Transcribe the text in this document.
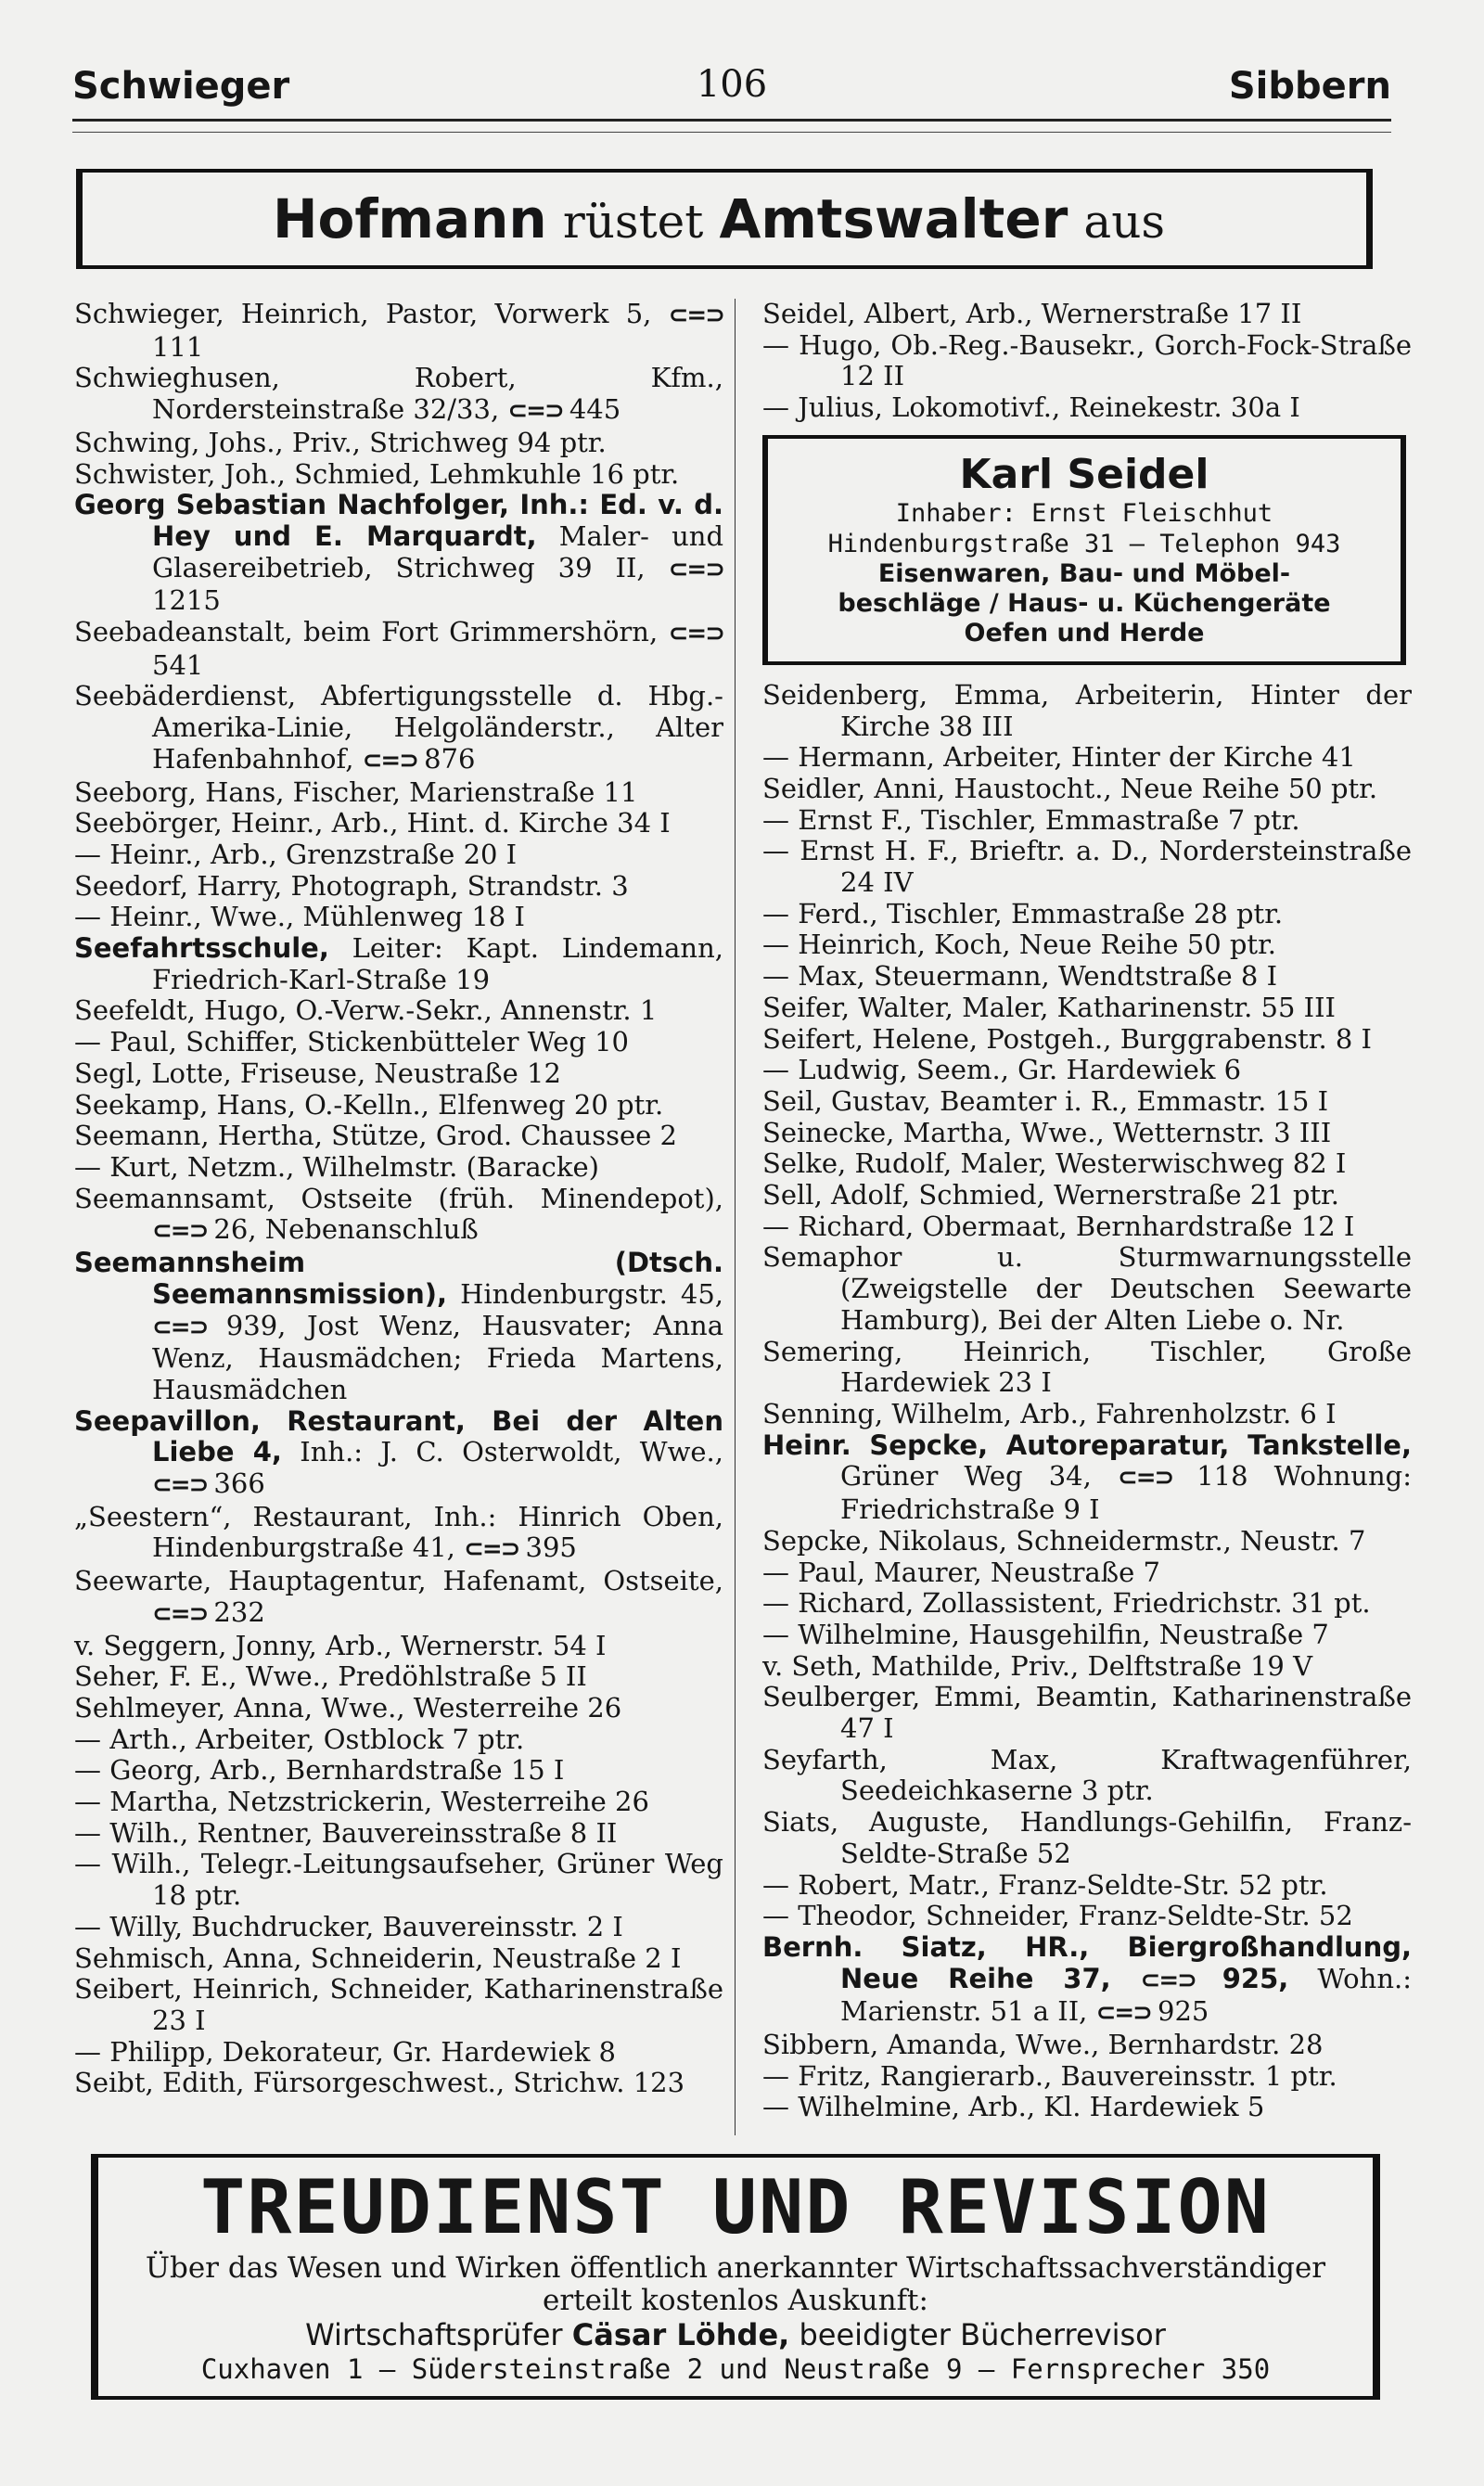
Schwieger	106	Sibbern
Hofmann rüstet Amtswalter aus
Schwieger, Heinrich, Pastor, Vorwerk 5, ⊂=⊃ 111
Schwieghusen, Robert, Kfm., Nordersteinstraße 32/33, ⊂=⊃ 445
Schwing, Johs., Priv., Strichweg 94 ptr.
Schwister, Joh., Schmied, Lehmkuhle 16 ptr.
Georg Sebastian Nachfolger, Inh.: Ed. v. d. Hey und E. Marquardt, Maler- und Glasereibetrieb, Strichweg 39 II, ⊂=⊃ 1215
Seebadeanstalt, beim Fort Grimmershörn, ⊂=⊃ 541
Seebäderdienst, Abfertigungsstelle d. Hbg.-Amerika-Linie, Helgoländerstr., Alter Hafenbahnhof, ⊂=⊃ 876
Seeborg, Hans, Fischer, Marienstraße 11
Seebörger, Heinr., Arb., Hint. d. Kirche 34 I
— Heinr., Arb., Grenzstraße 20 I
Seedorf, Harry, Photograph, Strandstr. 3
— Heinr., Wwe., Mühlenweg 18 I
Seefahrtsschule, Leiter: Kapt. Lindemann, Friedrich-Karl-Straße 19
Seefeldt, Hugo, O.-Verw.-Sekr., Annenstr. 1
— Paul, Schiffer, Stickenbütteler Weg 10
Segl, Lotte, Friseuse, Neustraße 12
Seekamp, Hans, O.-Kelln., Elfenweg 20 ptr.
Seemann, Hertha, Stütze, Grod. Chaussee 2
— Kurt, Netzm., Wilhelmstr. (Baracke)
Seemannsamt, Ostseite (früh. Minendepot), ⊂=⊃ 26, Nebenanschluß
Seemannsheim (Dtsch. Seemannsmission), Hindenburgstr. 45, ⊂=⊃ 939, Jost Wenz, Hausvater; Anna Wenz, Hausmädchen; Frieda Martens, Hausmädchen
Seepavillon, Restaurant, Bei der Alten Liebe 4, Inh.: J. C. Osterwoldt, Wwe., ⊂=⊃ 366
„Seestern“, Restaurant, Inh.: Hinrich Oben, Hindenburgstraße 41, ⊂=⊃ 395
Seewarte, Hauptagentur, Hafenamt, Ostseite, ⊂=⊃ 232
v. Seggern, Jonny, Arb., Wernerstr. 54 I
Seher, F. E., Wwe., Predöhlstraße 5 II
Sehlmeyer, Anna, Wwe., Westerreihe 26
— Arth., Arbeiter, Ostblock 7 ptr.
— Georg, Arb., Bernhardstraße 15 I
— Martha, Netzstrickerin, Westerreihe 26
— Wilh., Rentner, Bauvereinsstraße 8 II
— Wilh., Telegr.-Leitungsaufseher, Grüner Weg 18 ptr.
— Willy, Buchdrucker, Bauvereinsstr. 2 I
Sehmisch, Anna, Schneiderin, Neustraße 2 I
Seibert, Heinrich, Schneider, Katharinenstraße 23 I
— Philipp, Dekorateur, Gr. Hardewiek 8
Seibt, Edith, Fürsorgeschwest., Strichw. 123
Seidel, Albert, Arb., Wernerstraße 17 II
— Hugo, Ob.-Reg.-Bausekr., Gorch-Fock-Straße 12 II
— Julius, Lokomotivf., Reinekestr. 30a I
Karl Seidel
Inhaber: Ernst Fleischhut
Hindenburgstraße 31 — Telephon 943
Eisenwaren, Bau- und Möbel-
beschläge / Haus- u. Küchengeräte
Oefen und Herde
Seidenberg, Emma, Arbeiterin, Hinter der Kirche 38 III
— Hermann, Arbeiter, Hinter der Kirche 41
Seidler, Anni, Haustocht., Neue Reihe 50 ptr.
— Ernst F., Tischler, Emmastraße 7 ptr.
— Ernst H. F., Brieftr. a. D., Nordersteinstraße 24 IV
— Ferd., Tischler, Emmastraße 28 ptr.
— Heinrich, Koch, Neue Reihe 50 ptr.
— Max, Steuermann, Wendtstraße 8 I
Seifer, Walter, Maler, Katharinenstr. 55 III
Seifert, Helene, Postgeh., Burggrabenstr. 8 I
— Ludwig, Seem., Gr. Hardewiek 6
Seil, Gustav, Beamter i. R., Emmastr. 15 I
Seinecke, Martha, Wwe., Wetternstr. 3 III
Selke, Rudolf, Maler, Westerwischweg 82 I
Sell, Adolf, Schmied, Wernerstraße 21 ptr.
— Richard, Obermaat, Bernhardstraße 12 I
Semaphor u. Sturmwarnungsstelle (Zweigstelle der Deutschen Seewarte Hamburg), Bei der Alten Liebe o. Nr.
Semering, Heinrich, Tischler, Große Hardewiek 23 I
Senning, Wilhelm, Arb., Fahrenholzstr. 6 I
Heinr. Sepcke, Autoreparatur, Tankstelle, Grüner Weg 34, ⊂=⊃ 118 Wohnung: Friedrichstraße 9 I
Sepcke, Nikolaus, Schneidermstr., Neustr. 7
— Paul, Maurer, Neustraße 7
— Richard, Zollassistent, Friedrichstr. 31 pt.
— Wilhelmine, Hausgehilfin, Neustraße 7
v. Seth, Mathilde, Priv., Delftstraße 19 V
Seulberger, Emmi, Beamtin, Katharinenstraße 47 I
Seyfarth, Max, Kraftwagenführer, Seedeichkaserne 3 ptr.
Siats, Auguste, Handlungs-Gehilfin, Franz-Seldte-Straße 52
— Robert, Matr., Franz-Seldte-Str. 52 ptr.
— Theodor, Schneider, Franz-Seldte-Str. 52
Bernh. Siatz, HR., Biergroßhandlung, Neue Reihe 37, ⊂=⊃ 925, Wohn.: Marienstr. 51 a II, ⊂=⊃ 925
Sibbern, Amanda, Wwe., Bernhardstr. 28
— Fritz, Rangierarb., Bauvereinsstr. 1 ptr.
— Wilhelmine, Arb., Kl. Hardewiek 5
TREUDIENST UND REVISION
Über das Wesen und Wirken öffentlich anerkannter Wirtschaftssachverständiger
erteilt kostenlos Auskunft:
Wirtschaftsprüfer Cäsar Löhde, beeidigter Bücherrevisor
Cuxhaven 1 — Südersteinstraße 2 und Neustraße 9 — Fernsprecher 350
